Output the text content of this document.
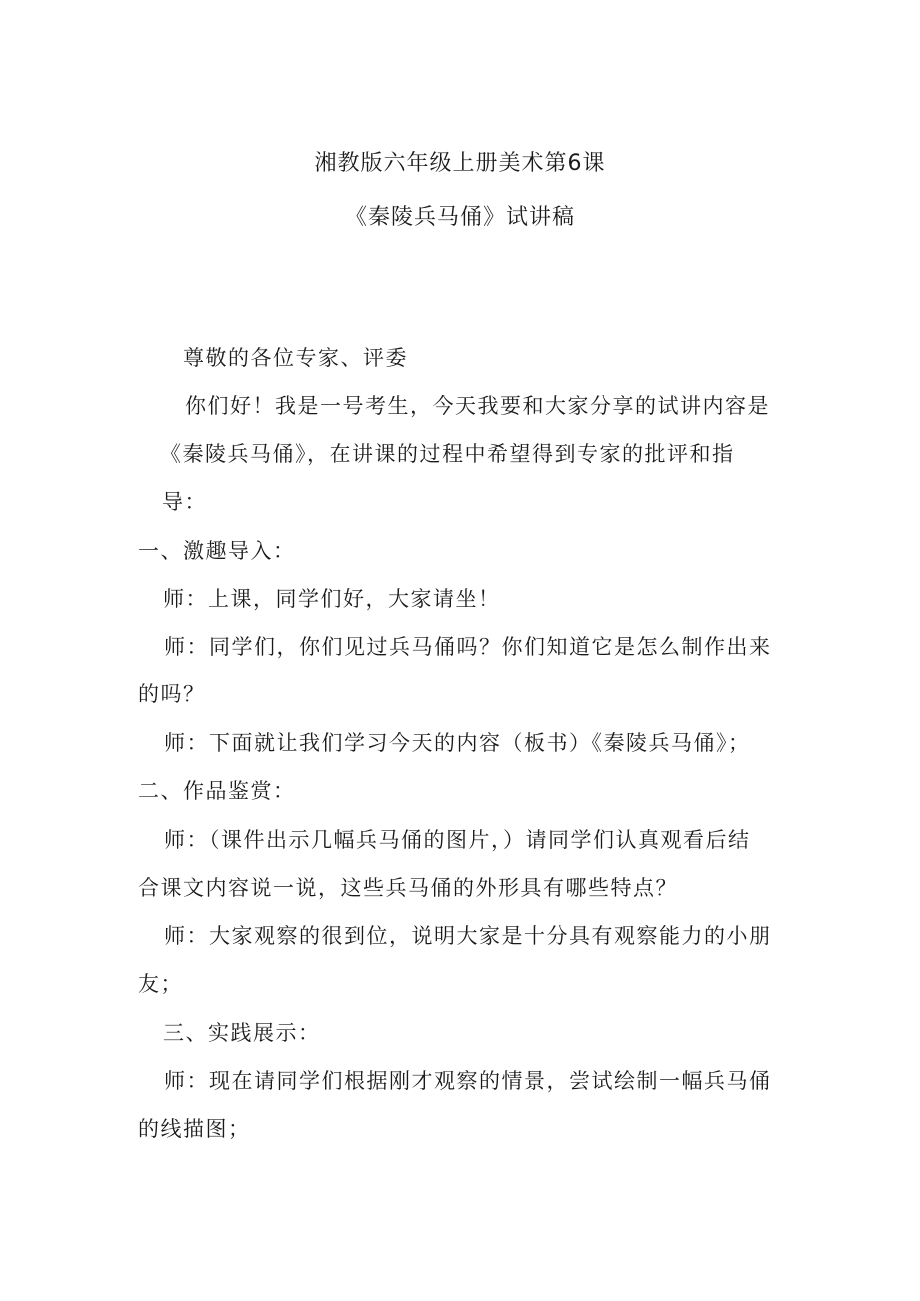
湘教版六年级上册美术第6课
《秦陵兵马俑》试讲稿
尊敬的各位专家、评委
你们好！我是一号考生，今天我要和大家分享的试讲内容是
《秦陵兵马俑》，在讲课的过程中希望得到专家的批评和指
导：
一、激趣导入：
师：上课，同学们好，大家请坐！
师：同学们，你们见过兵马俑吗？你们知道它是怎么制作出来
的吗？
师：下面就让我们学习今天的内容（板书）《秦陵兵马俑》；
二、作品鉴赏：
师：（课件出示几幅兵马俑的图片，）请同学们认真观看后结
合课文内容说一说，这些兵马俑的外形具有哪些特点？
师：大家观察的很到位，说明大家是十分具有观察能力的小朋
友；
三、实践展示：
师：现在请同学们根据刚才观察的情景，尝试绘制一幅兵马俑
的线描图；
